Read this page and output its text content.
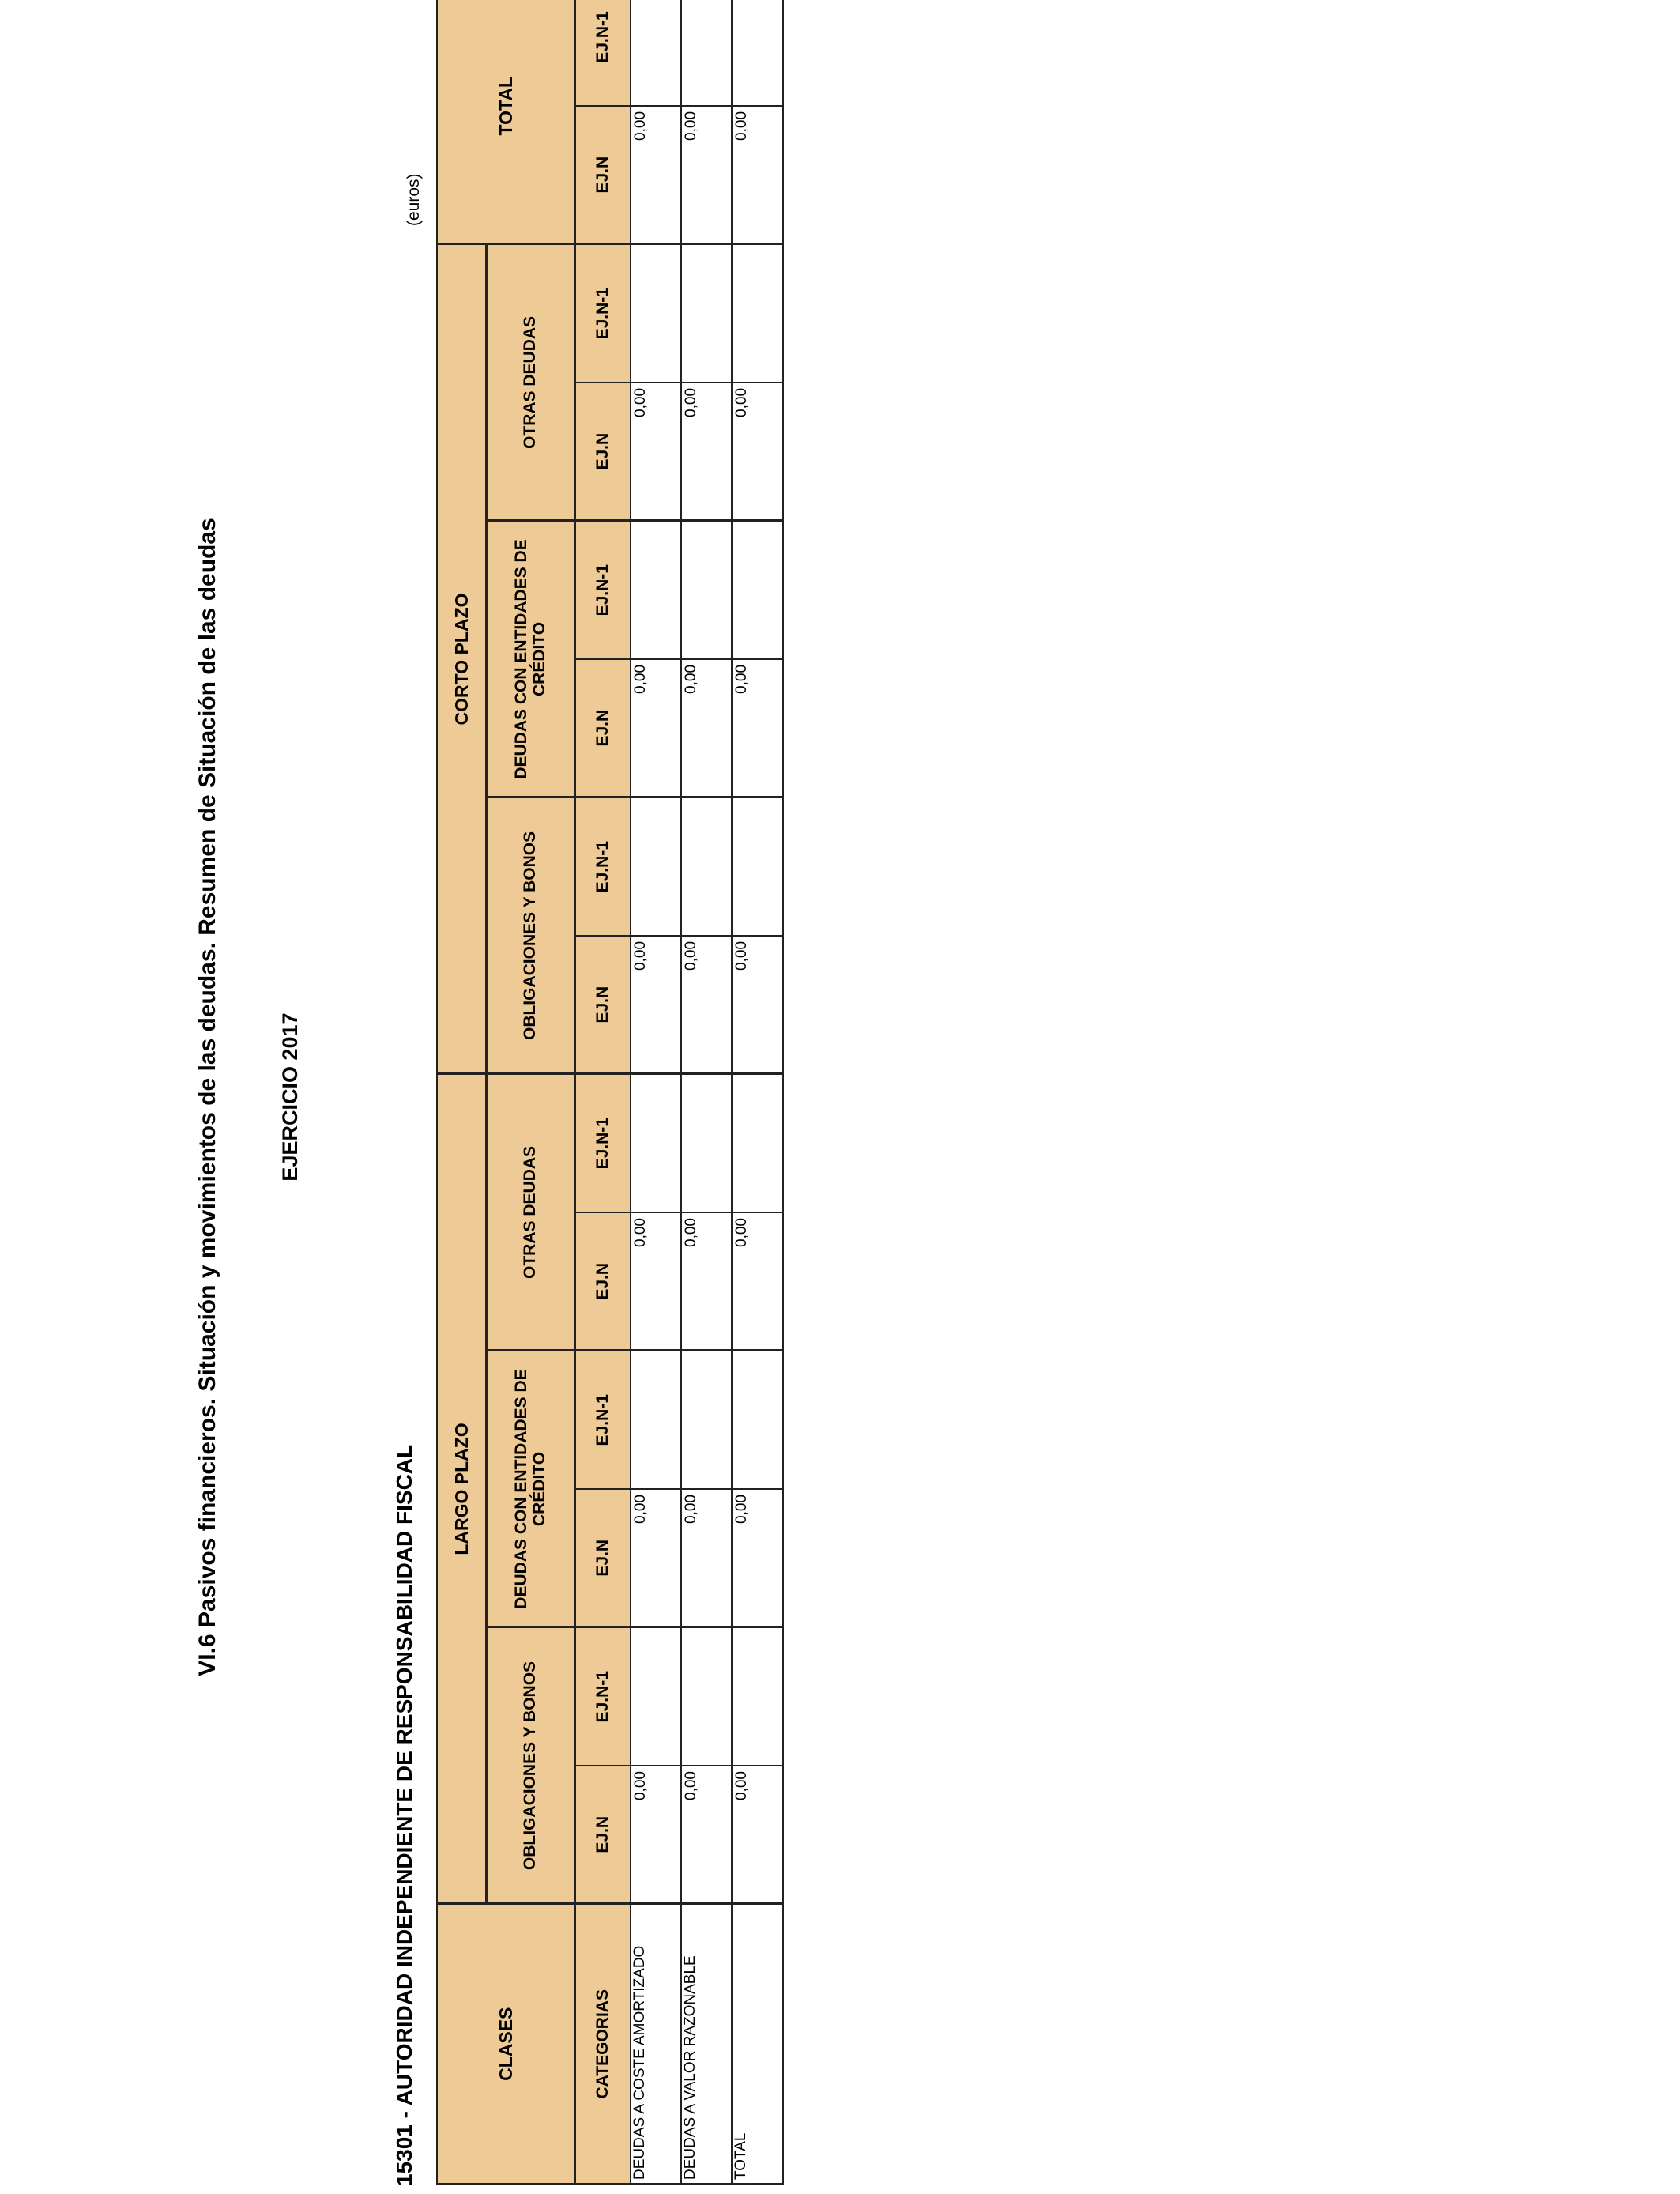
VI.6 Pasivos financieros. Situación y movimientos de las deudas. Resumen de Situación de las deudas	EJERCICIO 2017

15301 - AUTORIDAD INDEPENDIENTE DE RESPONSABILIDAD FISCAL

(euros)

CLASES	LARGO PLAZO						CORTO PLAZO						TOTAL	
	OBLIGACIONES Y BONOS		DEUDAS CON ENTIDADES DE CRÉDITO		OTRAS DEUDAS		OBLIGACIONES Y BONOS		DEUDAS CON ENTIDADES DE CRÉDITO		OTRAS DEUDAS			
CATEGORIAS	EJ.N	EJ.N-1	EJ.N	EJ.N-1	EJ.N	EJ.N-1	EJ.N	EJ.N-1	EJ.N	EJ.N-1	EJ.N	EJ.N-1	EJ.N	EJ.N-1
DEUDAS A COSTE AMORTIZADO	0,00		0,00		0,00		0,00		0,00		0,00		0,00	
DEUDAS A VALOR RAZONABLE	0,00		0,00		0,00		0,00		0,00		0,00		0,00	
TOTAL	0,00		0,00		0,00		0,00		0,00		0,00		0,00	
